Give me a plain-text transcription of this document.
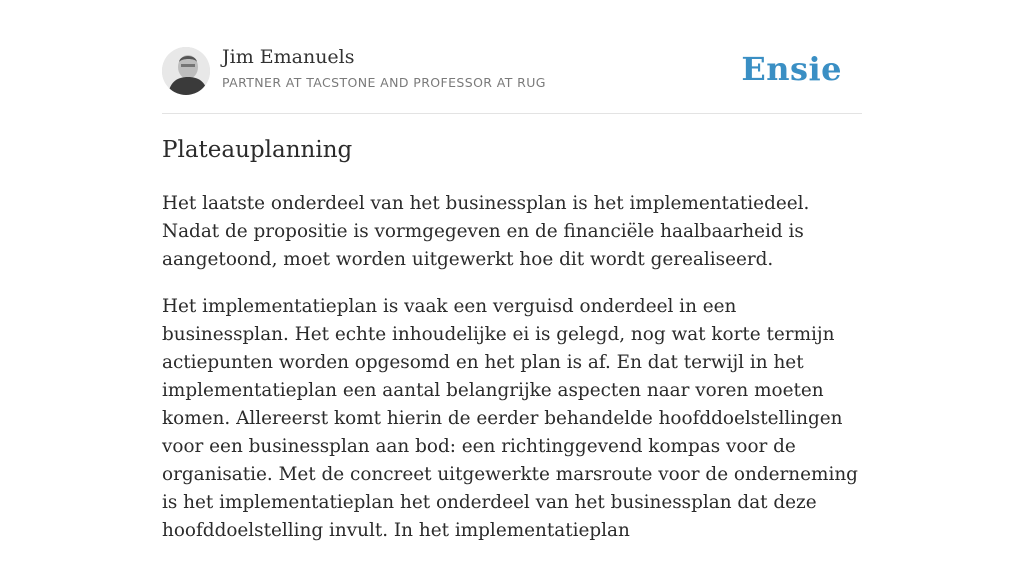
Jim Emanuels
PARTNER AT TACSTONE AND PROFESSOR AT RUG	Ensie
Plateauplanning

Het laatste onderdeel van het businessplan is het implementatiedeel. Nadat de propositie is vormgegeven en de financiële haalbaarheid is aangetoond, moet worden uitgewerkt hoe dit wordt gerealiseerd.

Het implementatieplan is vaak een verguisd onderdeel in een businessplan. Het echte inhoudelijke ei is gelegd, nog wat korte termijn actiepunten worden opgesomd en het plan is af. En dat terwijl in het implementatieplan een aantal belangrijke aspecten naar voren moeten komen. Allereerst komt hierin de eerder behandelde hoofddoelstellingen voor een businessplan aan bod: een richtinggevend kompas voor de organisatie. Met de concreet uitgewerkte marsroute voor de onderneming is het implementatieplan het onderdeel van het businessplan dat deze hoofddoelstelling invult. In het implementatieplan
